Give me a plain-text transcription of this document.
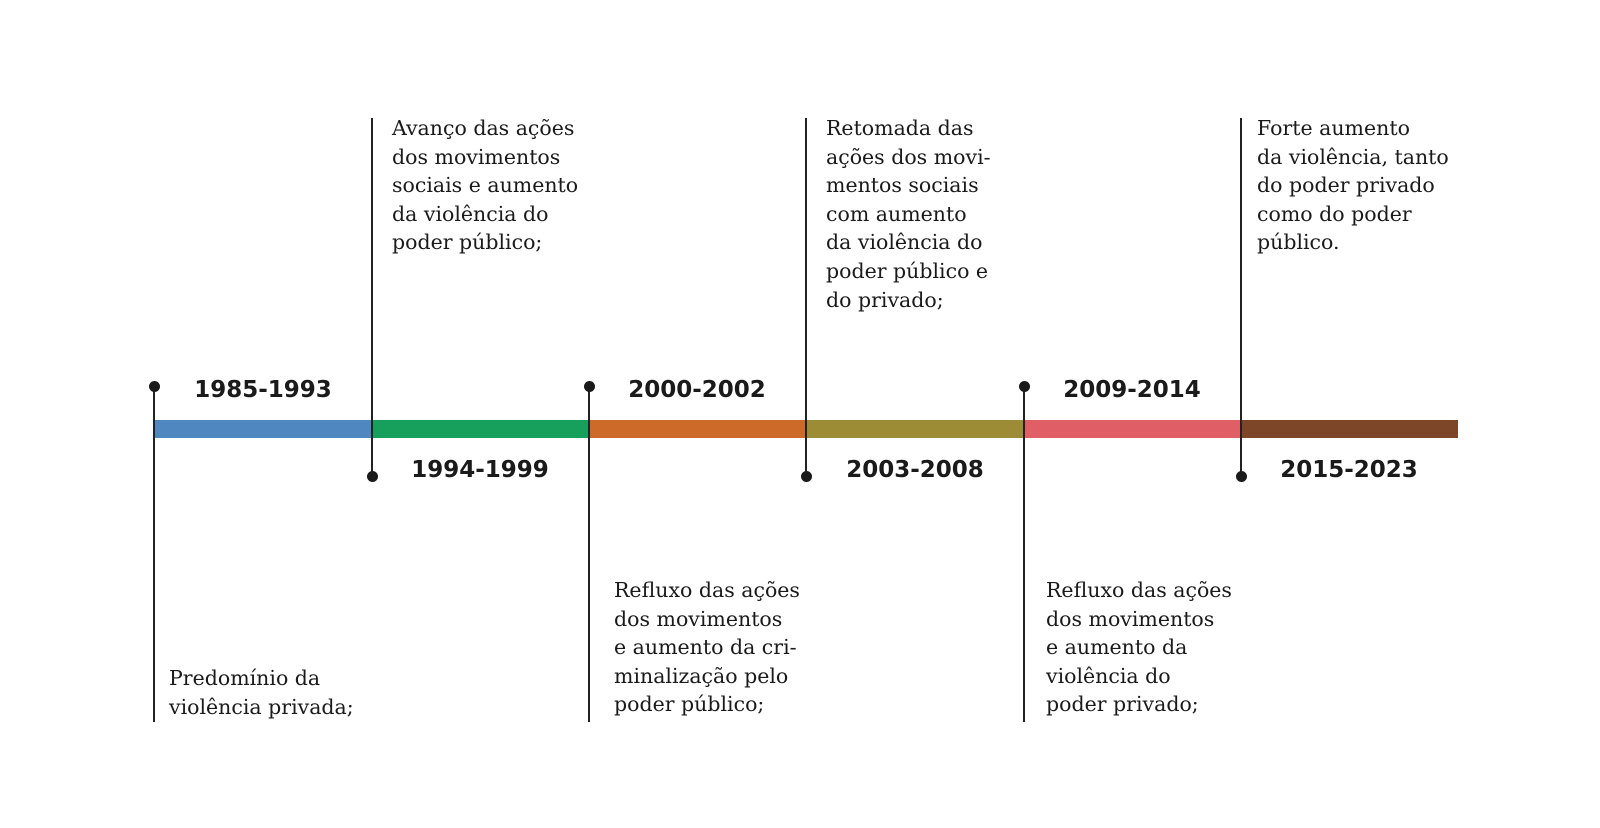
1985-1993
1994-1999
2000-2002
2003-2008
2009-2014
2015-2023
Predomínio da
violência privada;
Avanço das ações
dos movimentos
sociais e aumento
da violência do
poder público;
Refluxo das ações
dos movimentos
e aumento da cri-
minalização pelo
poder público;
Retomada das
ações dos movi-
mentos sociais
com aumento
da violência do
poder público e
do privado;
Refluxo das ações
dos movimentos
e aumento da
violência do
poder privado;
Forte aumento
da violência, tanto
do poder privado
como do poder
público.
